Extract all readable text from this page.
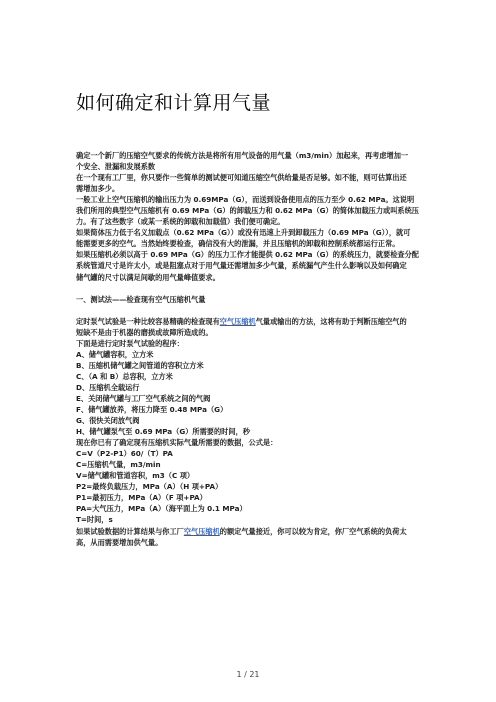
如何确定和计算用气量
确定一个新厂的压缩空气要求的传统方法是将所有用气设备的用气量（m3/min）加起来，再考虑增加一
个安全、泄漏和发展系数
在一个现有工厂里，你只要作一些简单的测试便可知道压缩空气供给量是否足够。如不能，则可估算出还
需增加多少。
一般工业上空气压缩机的输出压力为 0.69MPa（G），而送到设备使用点的压力至少 0.62 MPa。这说明
我们所用的典型空气压缩机有 0.69 MPa（G）的卸载压力和 0.62 MPa（G）的简体加载压力或叫系统压
力。有了这些数字（或某一系统的卸载和加载值）我们便可确定。
如果简体压力低于名义加载点（0.62 MPa（G））或没有迅速上升到卸载压力（0.69 MPa（G）），就可
能需要更多的空气。当然始终要检查，确信没有大的泄漏，并且压缩机的卸载和控制系统都运行正常。
如果压缩机必须以高于 0.69 MPa（G）的压力工作才能提供 0.62 MPa（G）的系统压力，就要检查分配
系统管道尺寸是许太小，或是阻塞点对于用气量还需增加多少气量，系统漏气产生什么影响以及如何确定
储气罐的尺寸以满足间歇的用气量峰值要求。
一、测试法——检查现有空气压缩机气量
定时泵气试验是一种比较容易精确的检查现有空气压缩机气量或输出的方法，这将有助于判断压缩空气的
短缺不是由于机器的磨损或故障所造成的。
下面是进行定时泵气试验的程序：
A、储气罐容积，立方米
B、压缩机储气罐之间管道的容积立方米
C、（A 和 B）总容积，立方米
D、压缩机全载运行
E、关闭储气罐与工厂空气系统之间的气阀
F、储气罐放养，将压力降至 0.48 MPa（G）
G、很快关闭放气阀
H、储气罐泵气至 0.69 MPa（G）所需要的时间，秒
现在你已有了确定现有压缩机实际气量所需要的数据，公式是：
C=V（P2-P1）60/（T）PA
C=压缩机气量，m3/min
V=储气罐和管道容积，m3（C 项）
P2=最终负载压力，MPa（A）（H 项+PA）
P1=最初压力，MPa（A）（F 项+PA）
PA=大气压力，MPa（A）（海平面上为 0.1 MPa）
T=时间，s
如果试验数据的计算结果与你工厂空气压缩机的额定气量接近，你可以较为肯定，你厂空气系统的负荷太
高，从而需要增加供气量。
1 / 21
